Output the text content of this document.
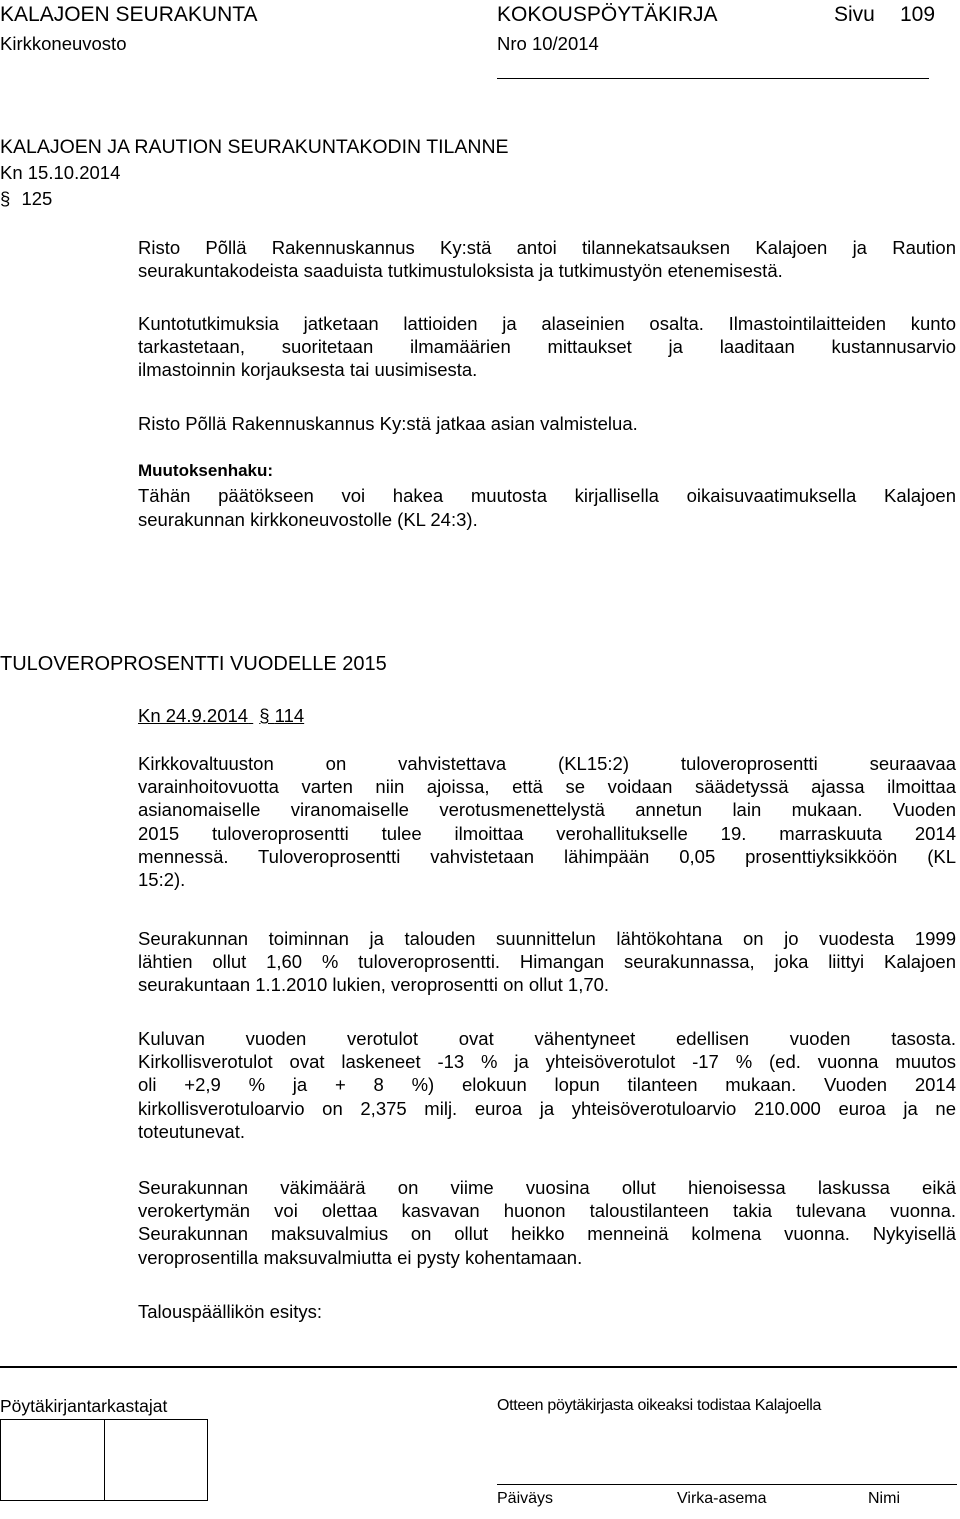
KALAJOEN SEURAKUNTA	KOKOUSPÖYTÄKIRJA	Sivu 109
Kirkkoneuvosto	Nro 10/2014
KALAJOEN JA RAUTION SEURAKUNTAKODIN TILANNE
Kn 15.10.2014
§ 125
Risto Põllä Rakennuskannus Ky:stä antoi tilannekatsauksen Kalajoen ja Raution
seurakuntakodeista saaduista tutkimustuloksista ja tutkimustyön etenemisestä.
Kuntotutkimuksia jatketaan lattioiden ja alaseinien osalta. Ilmastointilaitteiden kunto
tarkastetaan, suoritetaan ilmamäärien mittaukset ja laaditaan kustannusarvio
ilmastoinnin korjauksesta tai uusimisesta.
Risto Põllä Rakennuskannus Ky:stä jatkaa asian valmistelua.
Muutoksenhaku:
Tähän päätökseen voi hakea muutosta kirjallisella oikaisuvaatimuksella Kalajoen
seurakunnan kirkkoneuvostolle (KL 24:3).
TULOVEROPROSENTTI VUODELLE 2015
Kn 24.9.2014 § 114
Kirkkovaltuuston on vahvistettava (KL15:2) tuloveroprosentti seuraavaa
varainhoitovuotta varten niin ajoissa, että se voidaan säädetyssä ajassa ilmoittaa
asianomaiselle viranomaiselle verotusmenettelystä annetun lain mukaan. Vuoden
2015 tuloveroprosentti tulee ilmoittaa verohallitukselle 19. marraskuuta 2014
mennessä. Tuloveroprosentti vahvistetaan lähimpään 0,05 prosenttiyksikköön (KL
15:2).
Seurakunnan toiminnan ja talouden suunnittelun lähtökohtana on jo vuodesta 1999
lähtien ollut 1,60 % tuloveroprosentti. Himangan seurakunnassa, joka liittyi Kalajoen
seurakuntaan 1.1.2010 lukien, veroprosentti on ollut 1,70.
Kuluvan vuoden verotulot ovat vähentyneet edellisen vuoden tasosta.
Kirkollisverotulot ovat laskeneet -13 % ja yhteisöverotulot -17 % (ed. vuonna muutos
oli +2,9 % ja + 8 %) elokuun lopun tilanteen mukaan. Vuoden 2014
kirkollisverotuloarvio on 2,375 milj. euroa ja yhteisöverotuloarvio 210.000 euroa ja ne
toteutunevat.
Seurakunnan väkimäärä on viime vuosina ollut hienoisessa laskussa eikä
verokertymän voi olettaa kasvavan huonon taloustilanteen takia tulevana vuonna.
Seurakunnan maksuvalmius on ollut heikko menneinä kolmena vuonna. Nykyisellä
veroprosentilla maksuvalmiutta ei pysty kohentamaan.
Talouspäällikön esitys:
Pöytäkirjantarkastajat	Otteen pöytäkirjasta oikeaksi todistaa Kalajoella
Päiväys	Virka-asema	Nimi
